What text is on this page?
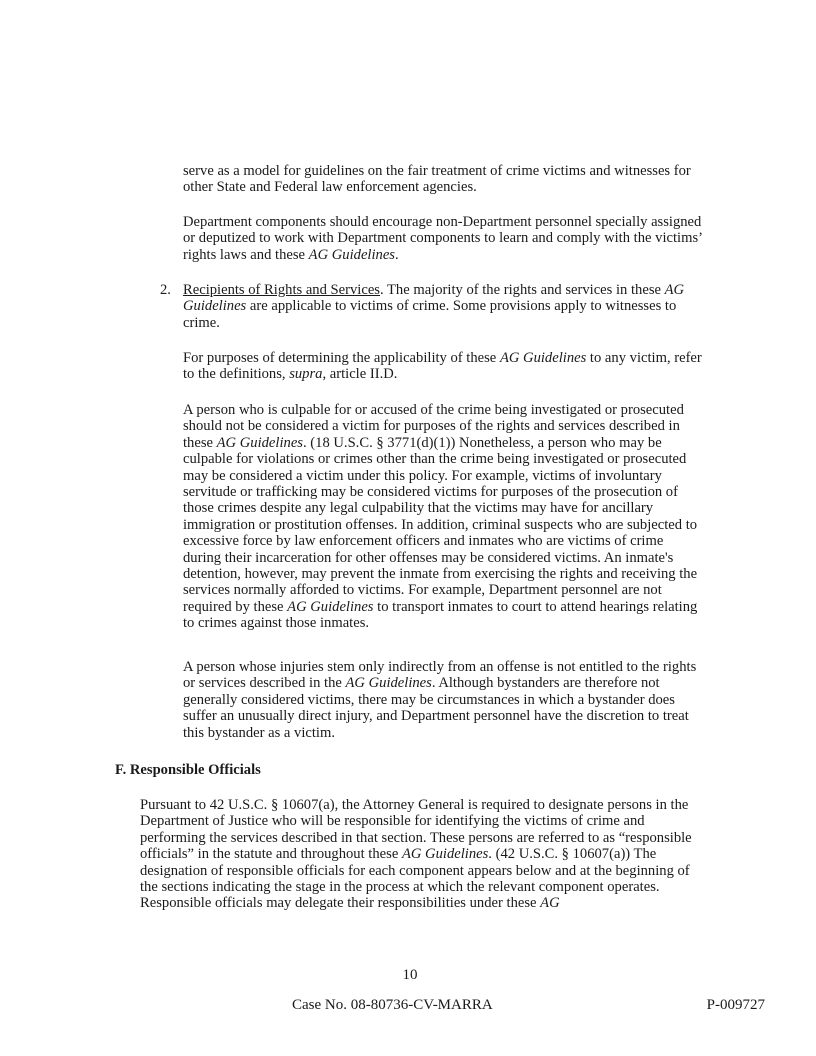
serve as a model for guidelines on the fair treatment of crime victims and witnesses for other State and Federal law enforcement agencies.

Department components should encourage non-Department personnel specially assigned or deputized to work with Department components to learn and comply with the victims’ rights laws and these AG Guidelines.

2. Recipients of Rights and Services. The majority of the rights and services in these AG Guidelines are applicable to victims of crime. Some provisions apply to witnesses to crime.

For purposes of determining the applicability of these AG Guidelines to any victim, refer to the definitions, supra, article II.D.

A person who is culpable for or accused of the crime being investigated or prosecuted should not be considered a victim for purposes of the rights and services described in these AG Guidelines. (18 U.S.C. § 3771(d)(1)) Nonetheless, a person who may be culpable for violations or crimes other than the crime being investigated or prosecuted may be considered a victim under this policy. For example, victims of involuntary servitude or trafficking may be considered victims for purposes of the prosecution of those crimes despite any legal culpability that the victims may have for ancillary immigration or prostitution offenses. In addition, criminal suspects who are subjected to excessive force by law enforcement officers and inmates who are victims of crime during their incarceration for other offenses may be considered victims. An inmate's detention, however, may prevent the inmate from exercising the rights and receiving the services normally afforded to victims. For example, Department personnel are not required by these AG Guidelines to transport inmates to court to attend hearings relating to crimes against those inmates.

A person whose injuries stem only indirectly from an offense is not entitled to the rights or services described in the AG Guidelines. Although bystanders are therefore not generally considered victims, there may be circumstances in which a bystander does suffer an unusually direct injury, and Department personnel have the discretion to treat this bystander as a victim.

F. Responsible Officials

Pursuant to 42 U.S.C. § 10607(a), the Attorney General is required to designate persons in the Department of Justice who will be responsible for identifying the victims of crime and performing the services described in that section. These persons are referred to as “responsible officials” in the statute and throughout these AG Guidelines. (42 U.S.C. § 10607(a)) The designation of responsible officials for each component appears below and at the beginning of the sections indicating the stage in the process at which the relevant component operates. Responsible officials may delegate their responsibilities under these AG

10
Case No. 08-80736-CV-MARRA	P-009727
